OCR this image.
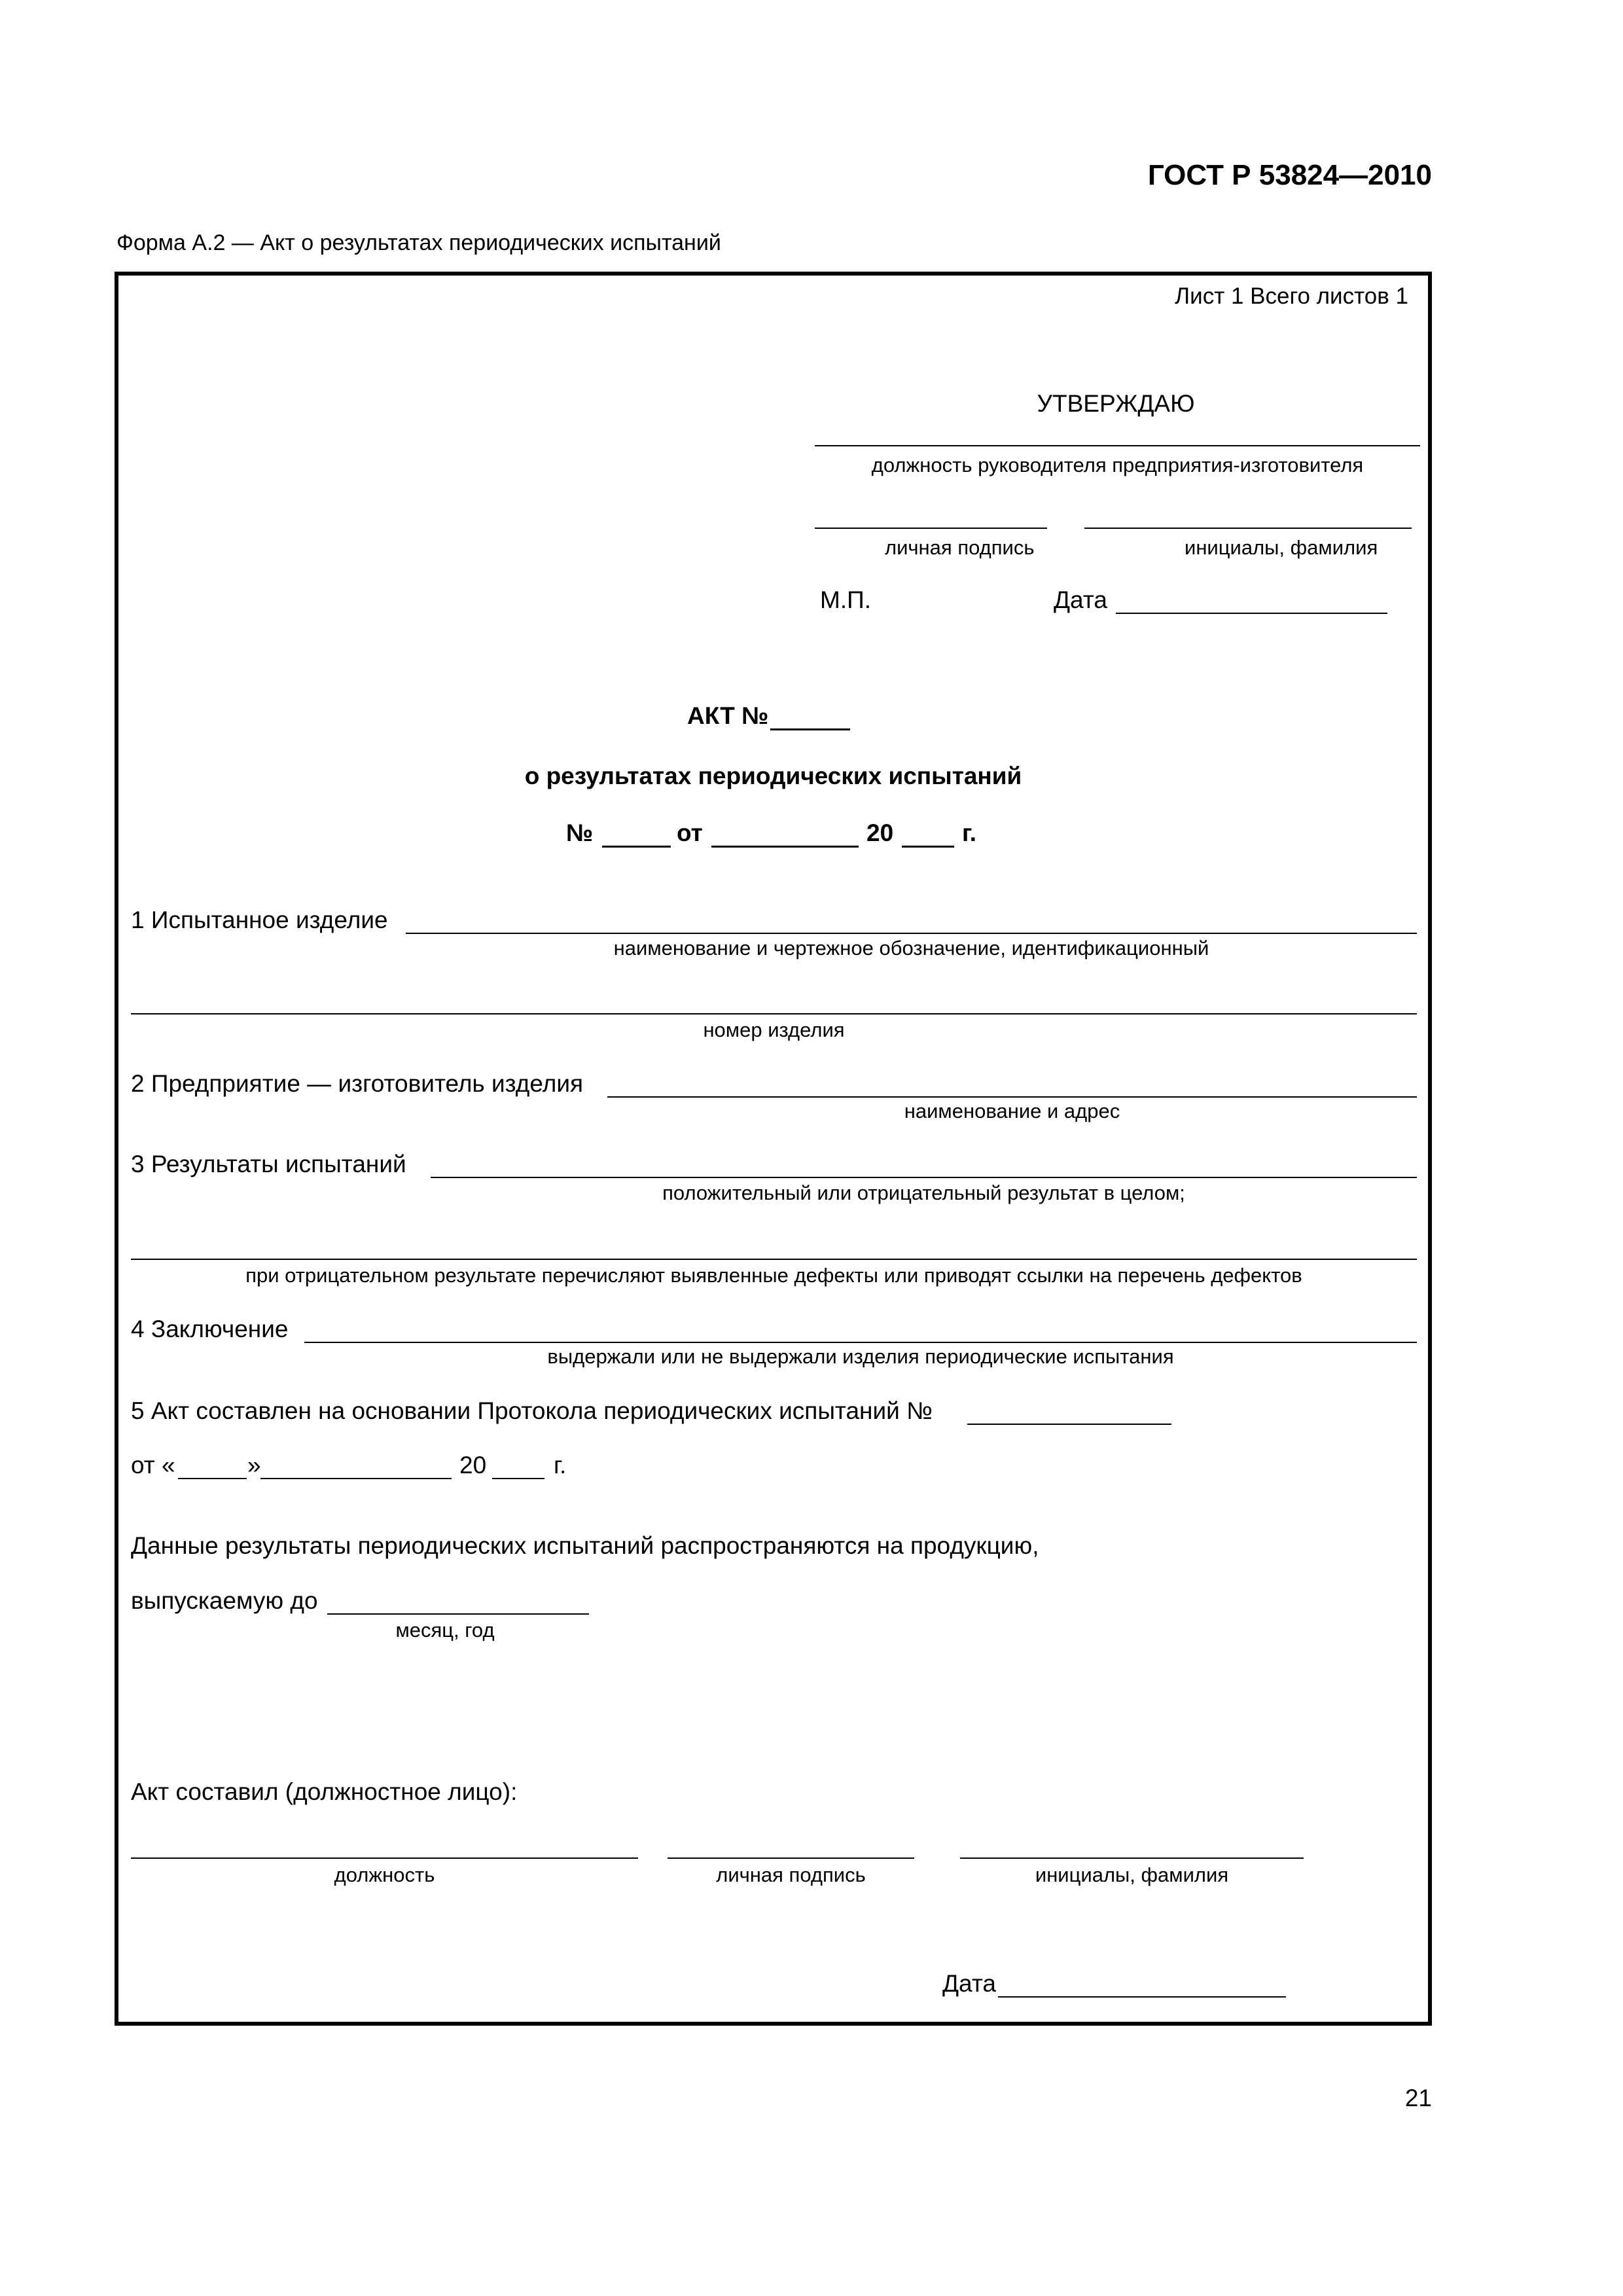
ГОСТ Р 53824—2010
Форма А.2 — Акт о результатах периодических испытаний
Лист 1 Всего листов 1
УТВЕРЖДАЮ
должность руководителя предприятия-изготовителя
личная подпись	инициалы, фамилия
М.П.	Дата
АКТ №
о результатах периодических испытаний
№	от	20	г.
1 Испытанное изделие
наименование и чертежное обозначение, идентификационный
номер изделия
2 Предприятие — изготовитель изделия
наименование и адрес
3 Результаты испытаний
положительный или отрицательный результат в целом;
при отрицательном результате перечисляют выявленные дефекты или приводят ссылки на перечень дефектов
4 Заключение
выдержали или не выдержали изделия периодические испытания
5 Акт составлен на основании Протокола периодических испытаний №
от «	»	20	г.
Данные результаты периодических испытаний распространяются на продукцию,
выпускаемую до
месяц, год
Акт составил (должностное лицо):
должность	личная подпись	инициалы, фамилия
Дата
21
